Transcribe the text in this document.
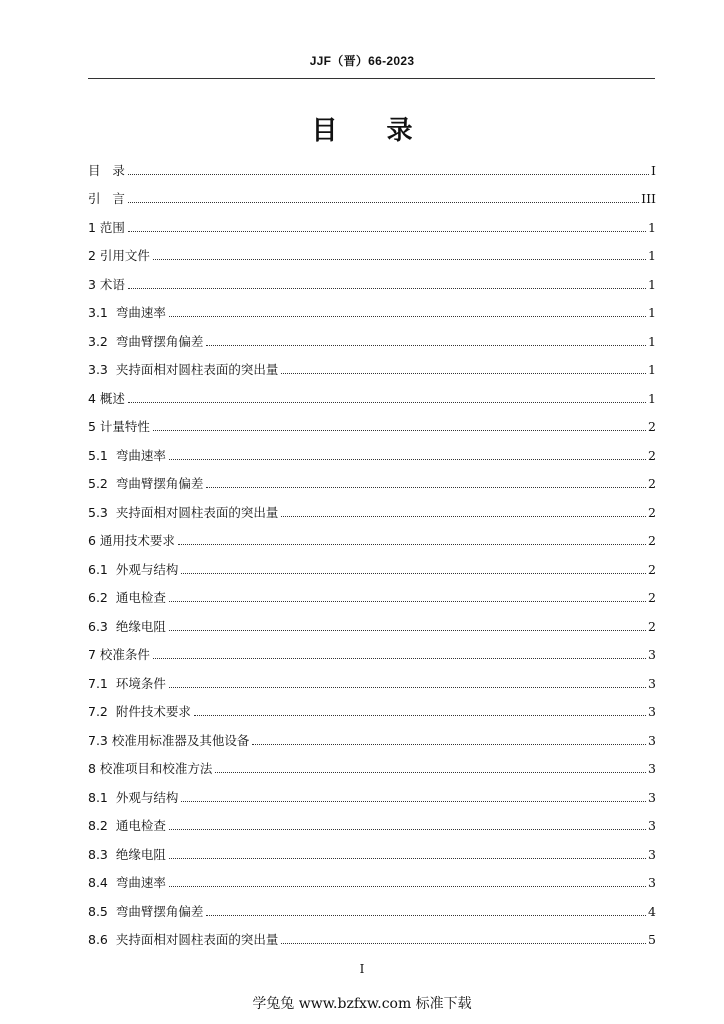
JJF（晋）66-2023
目 录
目   录	I
引   言	III
1 范围	1
2 引用文件	1
3 术语	1
3.1  弯曲速率	1
3.2  弯曲臂摆角偏差	1
3.3  夹持面相对圆柱表面的突出量	1
4 概述	1
5 计量特性	2
5.1  弯曲速率	2
5.2  弯曲臂摆角偏差	2
5.3  夹持面相对圆柱表面的突出量	2
6 通用技术要求	2
6.1  外观与结构	2
6.2  通电检查	2
6.3  绝缘电阻	2
7 校准条件	3
7.1  环境条件	3
7.2  附件技术要求	3
7.3 校准用标准器及其他设备	3
8 校准项目和校准方法	3
8.1  外观与结构	3
8.2  通电检查	3
8.3  绝缘电阻	3
8.4  弯曲速率	3
8.5  弯曲臂摆角偏差	4
8.6  夹持面相对圆柱表面的突出量	5
I
学兔兔 www.bzfxw.com 标准下载
